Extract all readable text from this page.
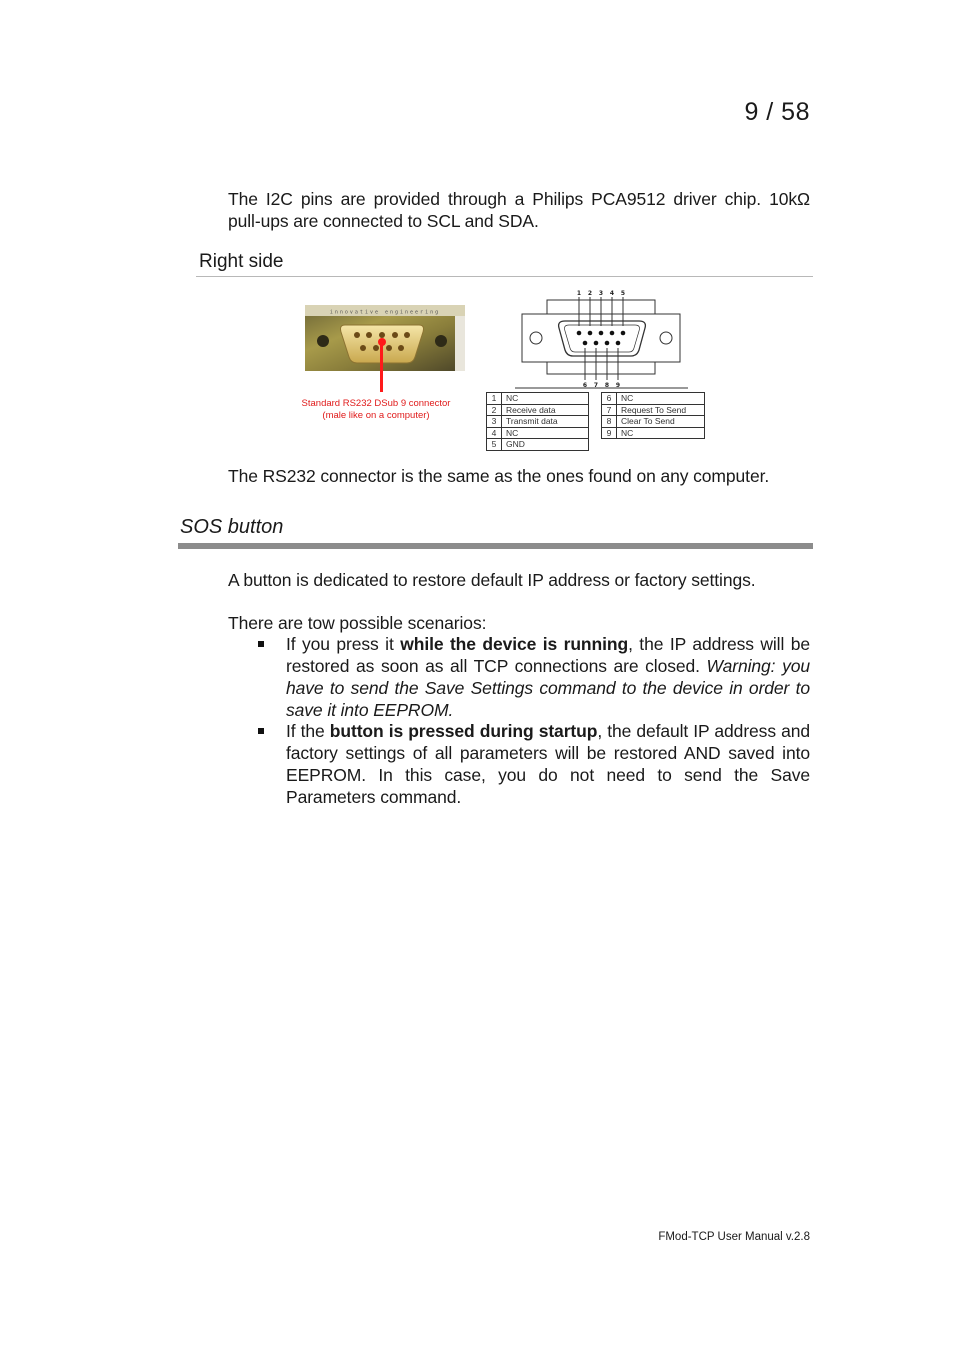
9 / 58
The I2C pins are provided through a Philips PCA9512 driver chip. 10kΩ pull-ups are connected to SCL and SDA.
Right side
innovative engineering
Standard RS232 DSub 9 connector
(male like on a computer)
1 2 3 4 5
6 7 8 9
1	NC
2	Receive data
3	Transmit data
4	NC
5	GND
6	NC
7	Request To Send
8	Clear To Send
9	NC
The RS232 connector is the same as the ones found on any computer.
SOS button
A button is dedicated to restore default IP address or factory settings.
There are tow possible scenarios:
If you press it while the device is running, the IP address will be restored as soon as all TCP connections are closed. Warning: you have to send the Save Settings command to the device in order to save it into EEPROM.
If the button is pressed during startup, the default IP address and factory settings of all parameters will be restored AND saved into EEPROM. In this case, you do not need to send the Save Parameters command.
FMod-TCP User Manual v.2.8
